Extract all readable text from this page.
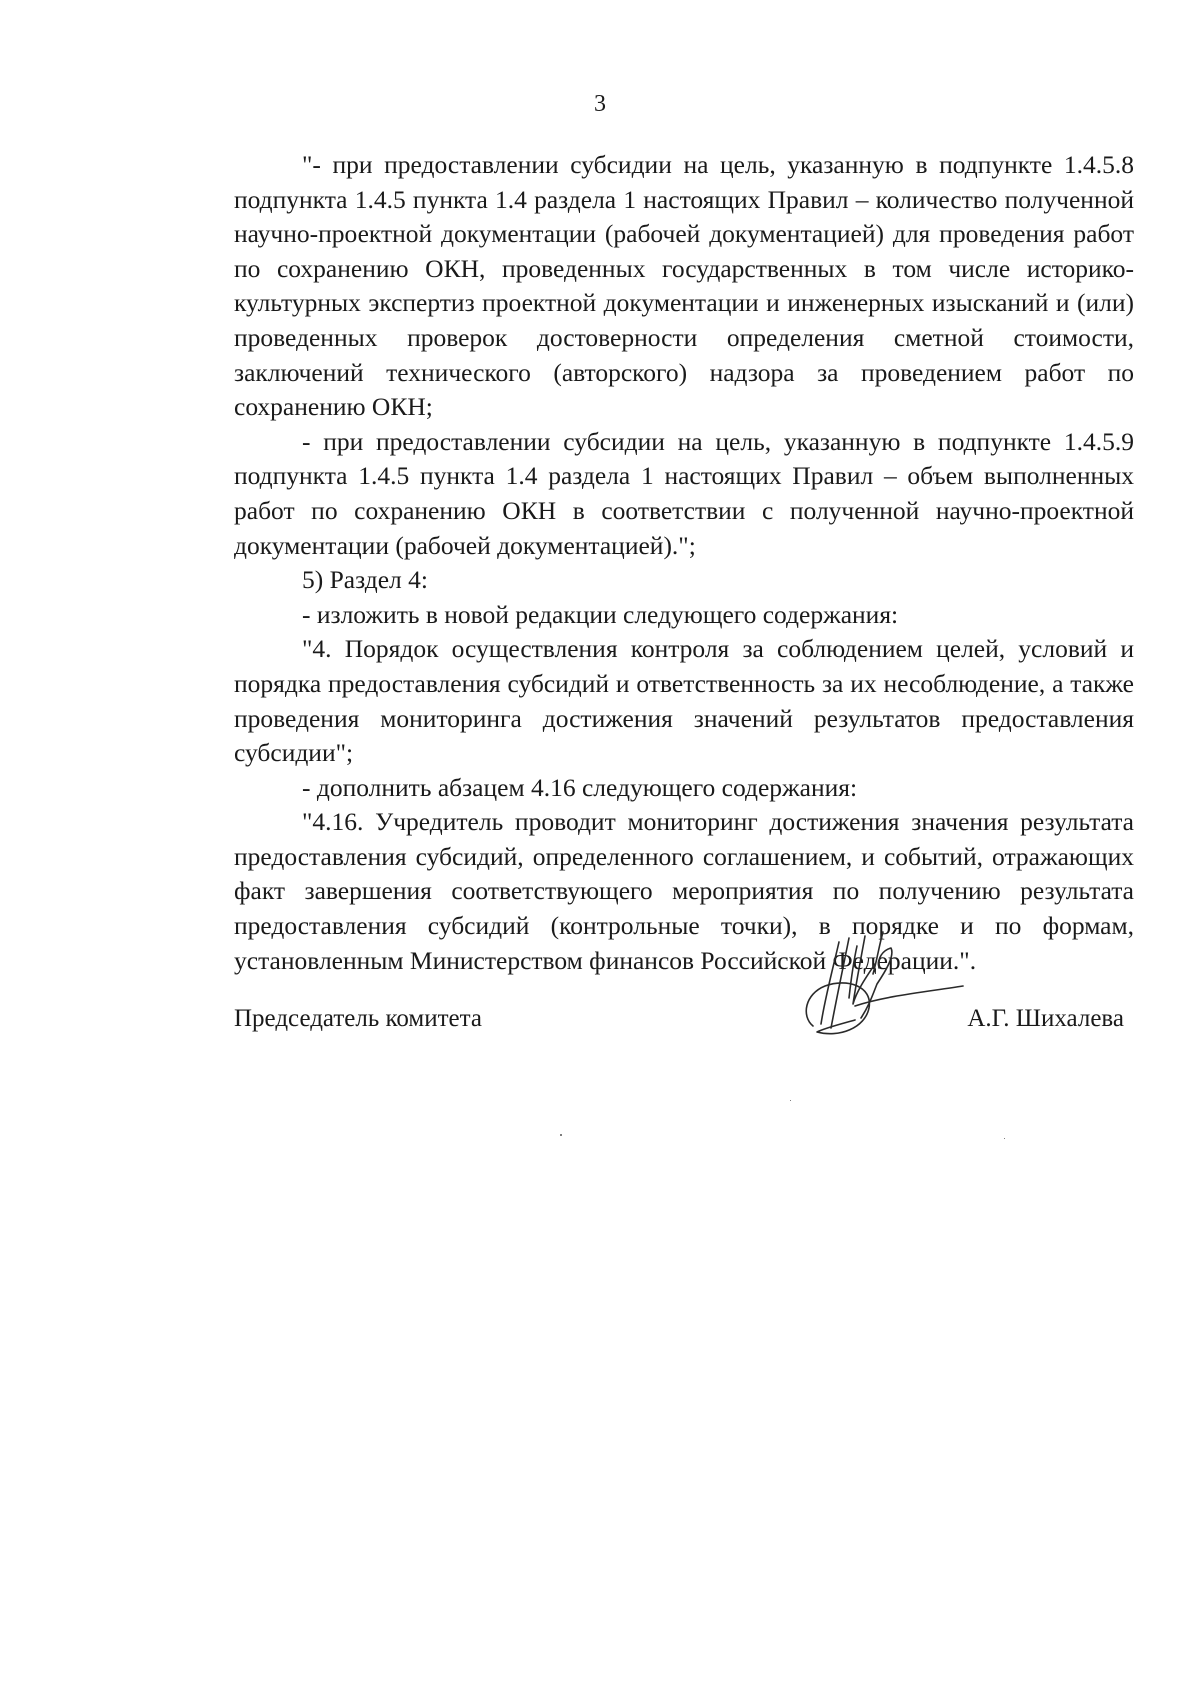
3

"- при предоставлении субсидии на цель, указанную в подпункте 1.4.5.8 подпункта 1.4.5 пункта 1.4 раздела 1 настоящих Правил – количество полученной научно-проектной документации (рабочей документацией) для проведения работ по сохранению ОКН, проведенных государственных в том числе историко-культурных экспертиз проектной документации и инженерных изысканий и (или) проведенных проверок достоверности определения сметной стоимости, заключений технического (авторского) надзора за проведением работ по сохранению ОКН;

- при предоставлении субсидии на цель, указанную в подпункте 1.4.5.9 подпункта 1.4.5 пункта 1.4 раздела 1 настоящих Правил – объем выполненных работ по сохранению ОКН в соответствии с полученной научно-проектной документации (рабочей документацией).";

5) Раздел 4:

- изложить в новой редакции следующего содержания:

"4. Порядок осуществления контроля за соблюдением целей, условий и порядка предоставления субсидий и ответственность за их несоблюдение, а также проведения мониторинга достижения значений результатов предоставления субсидии";

- дополнить абзацем 4.16 следующего содержания:

"4.16. Учредитель проводит мониторинг достижения значения результата предоставления субсидий, определенного соглашением, и событий, отражающих факт завершения соответствующего мероприятия по получению результата предоставления субсидий (контрольные точки), в порядке и по формам, установленным Министерством финансов Российской Федерации.".

Председатель комитета	А.Г. Шихалева
